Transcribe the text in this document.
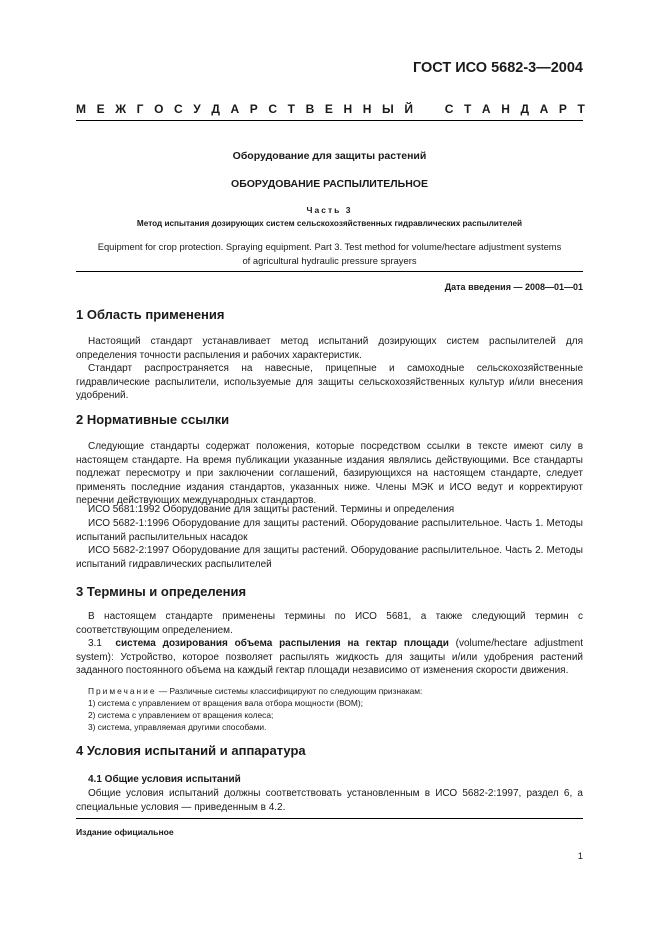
ГОСТ ИСО 5682-3—2004
М Е Ж Г О С У Д А Р С Т В Е Н Н Ы Й	С Т А Н Д А Р Т
Оборудование для защиты растений
ОБОРУДОВАНИЕ РАСПЫЛИТЕЛЬНОЕ
Часть 3
Метод испытания дозирующих систем сельскохозяйственных гидравлических распылителей
Equipment for crop protection. Spraying equipment. Part 3. Test method for volume/hectare adjustment systems
of agricultural hydraulic pressure sprayers
Дата введения — 2008—01—01
1 Область применения
Настоящий стандарт устанавливает метод испытаний дозирующих систем распылителей для определения точности распыления и рабочих характеристик.
Стандарт распространяется на навесные, прицепные и самоходные сельскохозяйственные гидравлические распылители, используемые для защиты сельскохозяйственных культур и/или внесения удобрений.
2 Нормативные ссылки
Следующие стандарты содержат положения, которые посредством ссылки в тексте имеют силу в настоящем стандарте. На время публикации указанные издания являлись действующими. Все стандарты подлежат пересмотру и при заключении соглашений, базирующихся на настоящем стандарте, следует применять последние издания стандартов, указанных ниже. Члены МЭК и ИСО ведут и корректируют перечни действующих международных стандартов.
ИСО 5681:1992 Оборудование для защиты растений. Термины и определения
ИСО 5682-1:1996 Оборудование для защиты растений. Оборудование распылительное. Часть 1. Методы испытаний распылительных насадок
ИСО 5682-2:1997 Оборудование для защиты растений. Оборудование распылительное. Часть 2. Методы испытаний гидравлических распылителей
3 Термины и определения
В настоящем стандарте применены термины по ИСО 5681, а также следующий термин с соответствующим определением.
3.1 система дозирования объема распыления на гектар площади (volume/hectare adjustment system): Устройство, которое позволяет распылять жидкость для защиты и/или удобрения растений заданного постоянного объема на каждый гектар площади независимо от изменения скорости движения.
Примечание — Различные системы классифицируют по следующим признакам:
1) система с управлением от вращения вала отбора мощности (ВОМ);
2) система с управлением от вращения колеса;
3) система, управляемая другими способами.
4 Условия испытаний и аппаратура
4.1 Общие условия испытаний
Общие условия испытаний должны соответствовать установленным в ИСО 5682-2:1997, раздел 6, а специальные условия — приведенным в 4.2.
Издание официальное
1
